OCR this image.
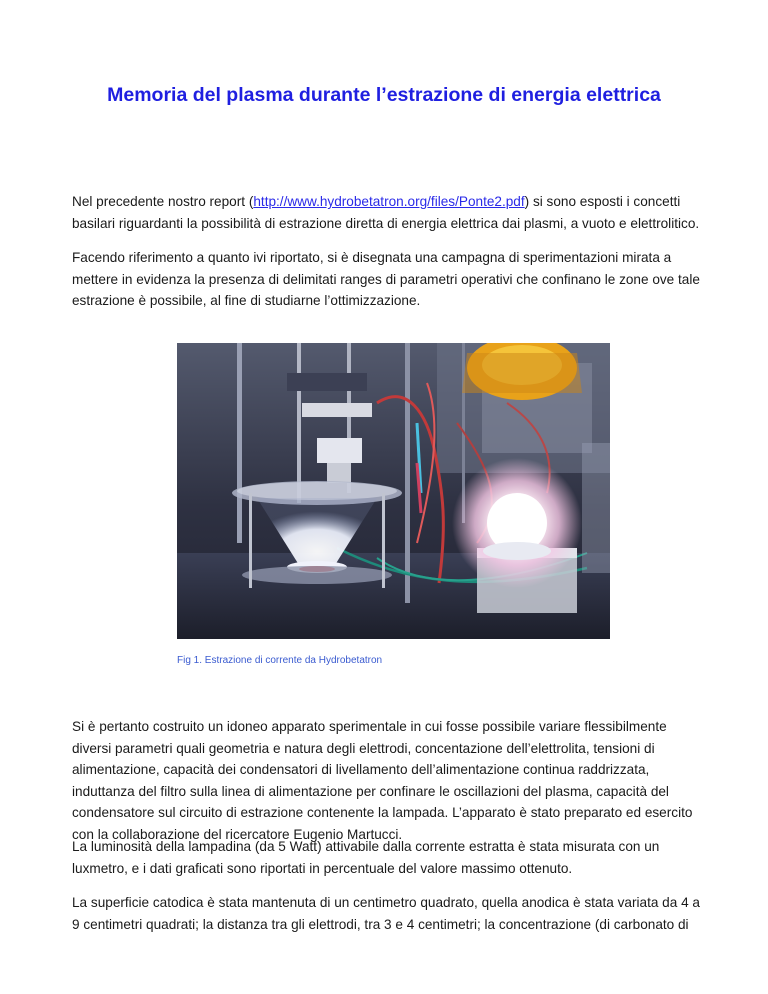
Memoria del plasma durante l’estrazione di energia elettrica

Nel precedente nostro report (http://www.hydrobetatron.org/files/Ponte2.pdf) si sono esposti i concetti basilari riguardanti la possibilità di estrazione diretta di energia elettrica dai plasmi, a vuoto e elettrolitico.

Facendo riferimento a quanto ivi riportato, si è disegnata una campagna di sperimentazioni mirata a mettere in evidenza la presenza di delimitati ranges di parametri operativi che confinano le zone ove tale estrazione è possibile, al fine di studiarne l’ottimizzazione.

Fig 1. Estrazione di corrente da Hydrobetatron

Si è pertanto costruito un idoneo apparato sperimentale in cui fosse possibile variare flessibilmente diversi parametri quali geometria e natura degli elettrodi, concentazione dell’elettrolita, tensioni di alimentazione, capacità dei condensatori di livellamento dell’alimentazione continua raddrizzata, induttanza del filtro sulla linea di alimentazione per confinare le oscillazioni del plasma, capacità del condensatore sul circuito di estrazione contenente la lampada. L’apparato è stato preparato ed esercito con la collaborazione del ricercatore Eugenio Martucci.

La luminosità della lampadina (da 5 Watt) attivabile dalla corrente estratta è stata misurata con un luxmetro, e i dati graficati sono riportati in percentuale del valore massimo ottenuto.

La superficie catodica è stata mantenuta di un centimetro quadrato, quella anodica è stata variata da 4 a 9 centimetri quadrati; la distanza tra gli elettrodi, tra 3 e 4 centimetri; la concentrazione (di carbonato di
